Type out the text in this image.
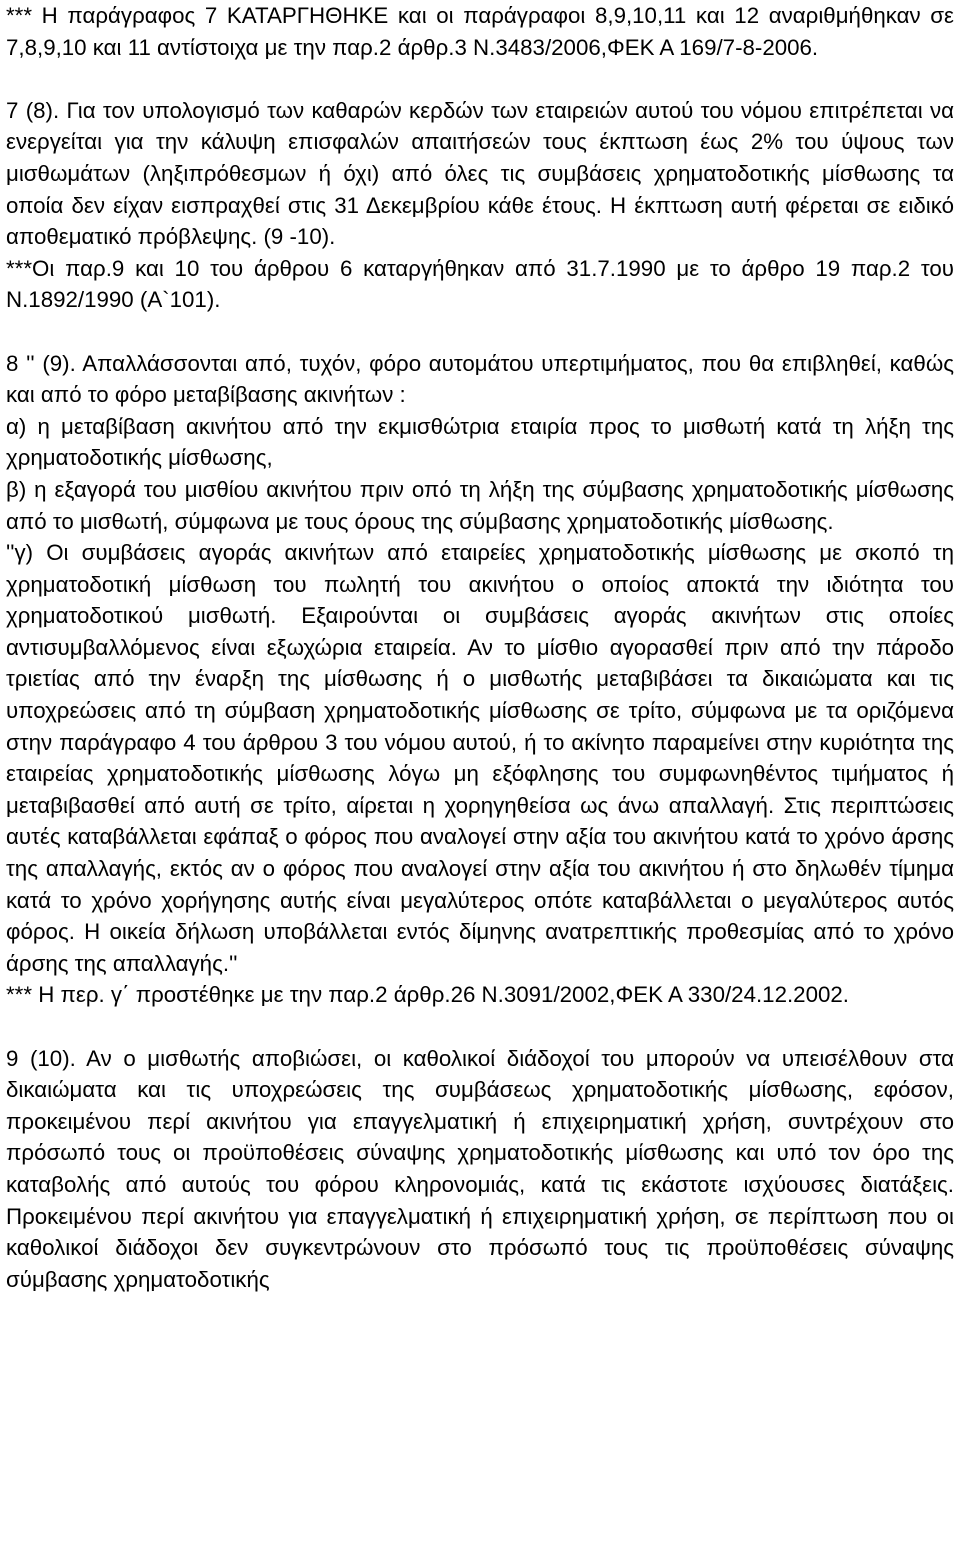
*** Η παράγραφος 7 ΚΑΤΑΡΓΗΘΗΚΕ και οι παράγραφοι 8,9,10,11 και 12 αναριθμήθηκαν σε 7,8,9,10 και 11 αντίστοιχα με την παρ.2 άρθρ.3 Ν.3483/2006,ΦΕΚ Α 169/7-8-2006.

7 (8). Για τον υπολογισμό των καθαρών κερδών των εταιρειών αυτού του νόμου επιτρέπεται να ενεργείται για την κάλυψη επισφαλών απαιτήσεών τους έκπτωση έως 2% του ύψους των μισθωμάτων (ληξιπρόθεσμων ή όχι) από όλες τις συμβάσεις χρηματοδοτικής μίσθωσης τα οποία δεν είχαν εισπραχθεί στις 31 Δεκεμβρίου κάθε έτους. Η έκπτωση αυτή φέρεται σε ειδικό αποθεματικό πρόβλεψης. (9 -10).

***Οι παρ.9 και 10 του άρθρου 6 καταργήθηκαν από 31.7.1990 με το άρθρο 19 παρ.2 του Ν.1892/1990 (Α`101).

8 '' (9). Απαλλάσσονται από, τυχόν, φόρο αυτομάτου υπερτιμήματος, που θα επιβληθεί, καθώς και από το φόρο μεταβίβασης ακινήτων :

α) η μεταβίβαση ακινήτου από την εκμισθώτρια εταιρία προς το μισθωτή κατά τη λήξη της χρηματοδοτικής μίσθωσης,

β) η εξαγορά του μισθίου ακινήτου πριν οπό τη λήξη της σύμβασης χρηματοδοτικής μίσθωσης από το μισθωτή, σύμφωνα με τους όρους της σύμβασης χρηματοδοτικής μίσθωσης.

''γ) Οι συμβάσεις αγοράς ακινήτων από εταιρείες χρηματοδοτικής μίσθωσης με σκοπό τη χρηματοδοτική μίσθωση του πωλητή του ακινήτου ο οποίος αποκτά την ιδιότητα του χρηματοδοτικού μισθωτή. Εξαιρούνται οι συμβάσεις αγοράς ακινήτων στις οποίες αντισυμβαλλόμενος είναι εξωχώρια εταιρεία. Αν το μίσθιο αγορασθεί πριν από την πάροδο τριετίας από την έναρξη της μίσθωσης ή ο μισθωτής μεταβιβάσει τα δικαιώματα και τις υποχρεώσεις από τη σύμβαση χρηματοδοτικής μίσθωσης σε τρίτο, σύμφωνα με τα οριζόμενα στην παράγραφο 4 του άρθρου 3 του νόμου αυτού, ή το ακίνητο παραμείνει στην κυριότητα της εταιρείας χρηματοδοτικής μίσθωσης λόγω μη εξόφλησης του συμφωνηθέντος τιμήματος ή μεταβιβασθεί από αυτή σε τρίτο, αίρεται η χορηγηθείσα ως άνω απαλλαγή. Στις περιπτώσεις αυτές καταβάλλεται εφάπαξ ο φόρος που αναλογεί στην αξία του ακινήτου κατά το χρόνο άρσης της απαλλαγής, εκτός αν ο φόρος που αναλογεί στην αξία του ακινήτου ή στο δηλωθέν τίμημα κατά το χρόνο χορήγησης αυτής είναι μεγαλύτερος οπότε καταβάλλεται ο μεγαλύτερος αυτός φόρος. Η οικεία δήλωση υποβάλλεται εντός δίμηνης ανατρεπτικής προθεσμίας από το χρόνο άρσης της απαλλαγής.''

*** Η περ. γ΄ προστέθηκε με την παρ.2 άρθρ.26 Ν.3091/2002,ΦΕΚ Α 330/24.12.2002.

9 (10). Αν ο μισθωτής αποβιώσει, οι καθολικοί διάδοχοί του μπορούν να υπεισέλθουν στα δικαιώματα και τις υποχρεώσεις της συμβάσεως χρηματοδοτικής μίσθωσης, εφόσον, προκειμένου περί ακινήτου για επαγγελματική ή επιχειρηματική χρήση, συντρέχουν στο πρόσωπό τους οι προϋποθέσεις σύναψης χρηματοδοτικής μίσθωσης και υπό τον όρο της καταβολής από αυτούς του φόρου κληρονομιάς, κατά τις εκάστοτε ισχύουσες διατάξεις. Προκειμένου περί ακινήτου για επαγγελματική ή επιχειρηματική χρήση, σε περίπτωση που οι καθολικοί διάδοχοι δεν συγκεντρώνουν στο πρόσωπό τους τις προϋποθέσεις σύναψης σύμβασης χρηματοδοτικής
